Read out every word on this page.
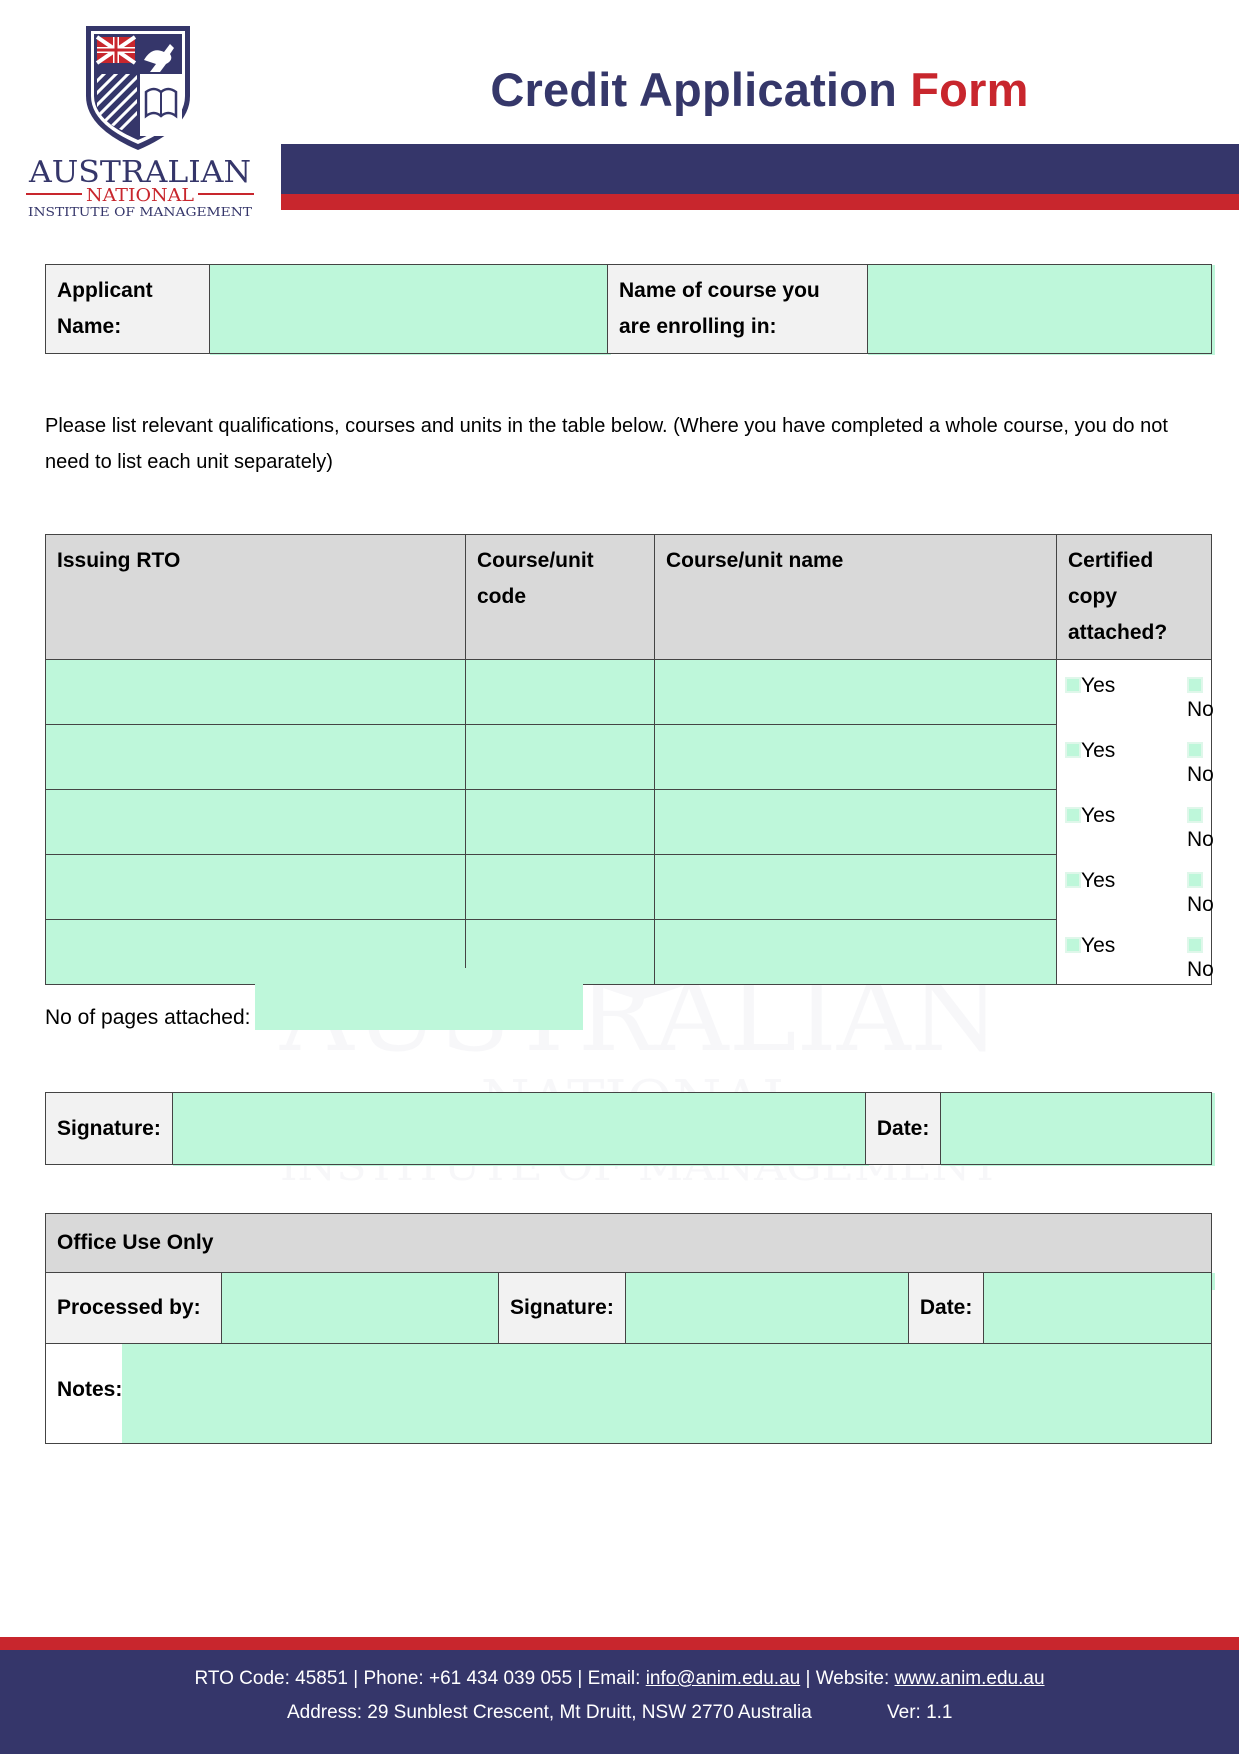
AUSTRALIAN
NATIONAL
INSTITUTE OF MANAGEMENT
Credit Application Form
Applicant Name:	
	Name of course you are enrolling in:	
Please list relevant qualifications, courses and units in the table below. (Where you have completed a whole course, you do not need to list each unit separately)
Issuing RTO	Course/unit code	Course/unit name	Certified copy attached?

Yes
No

Yes
No

Yes
No

Yes
No

Yes
No
No of pages attached:
Signature:		Date:	
Office Use Only
Processed by:		Signature:		Date:	

Notes:
RTO Code: 45851 | Phone: +61 434 039 055 | Email: info@anim.edu.au | Website: www.anim.edu.au
Address: 29 Sunblest Crescent, Mt Druitt, NSW 2770 Australia	Ver: 1.1
